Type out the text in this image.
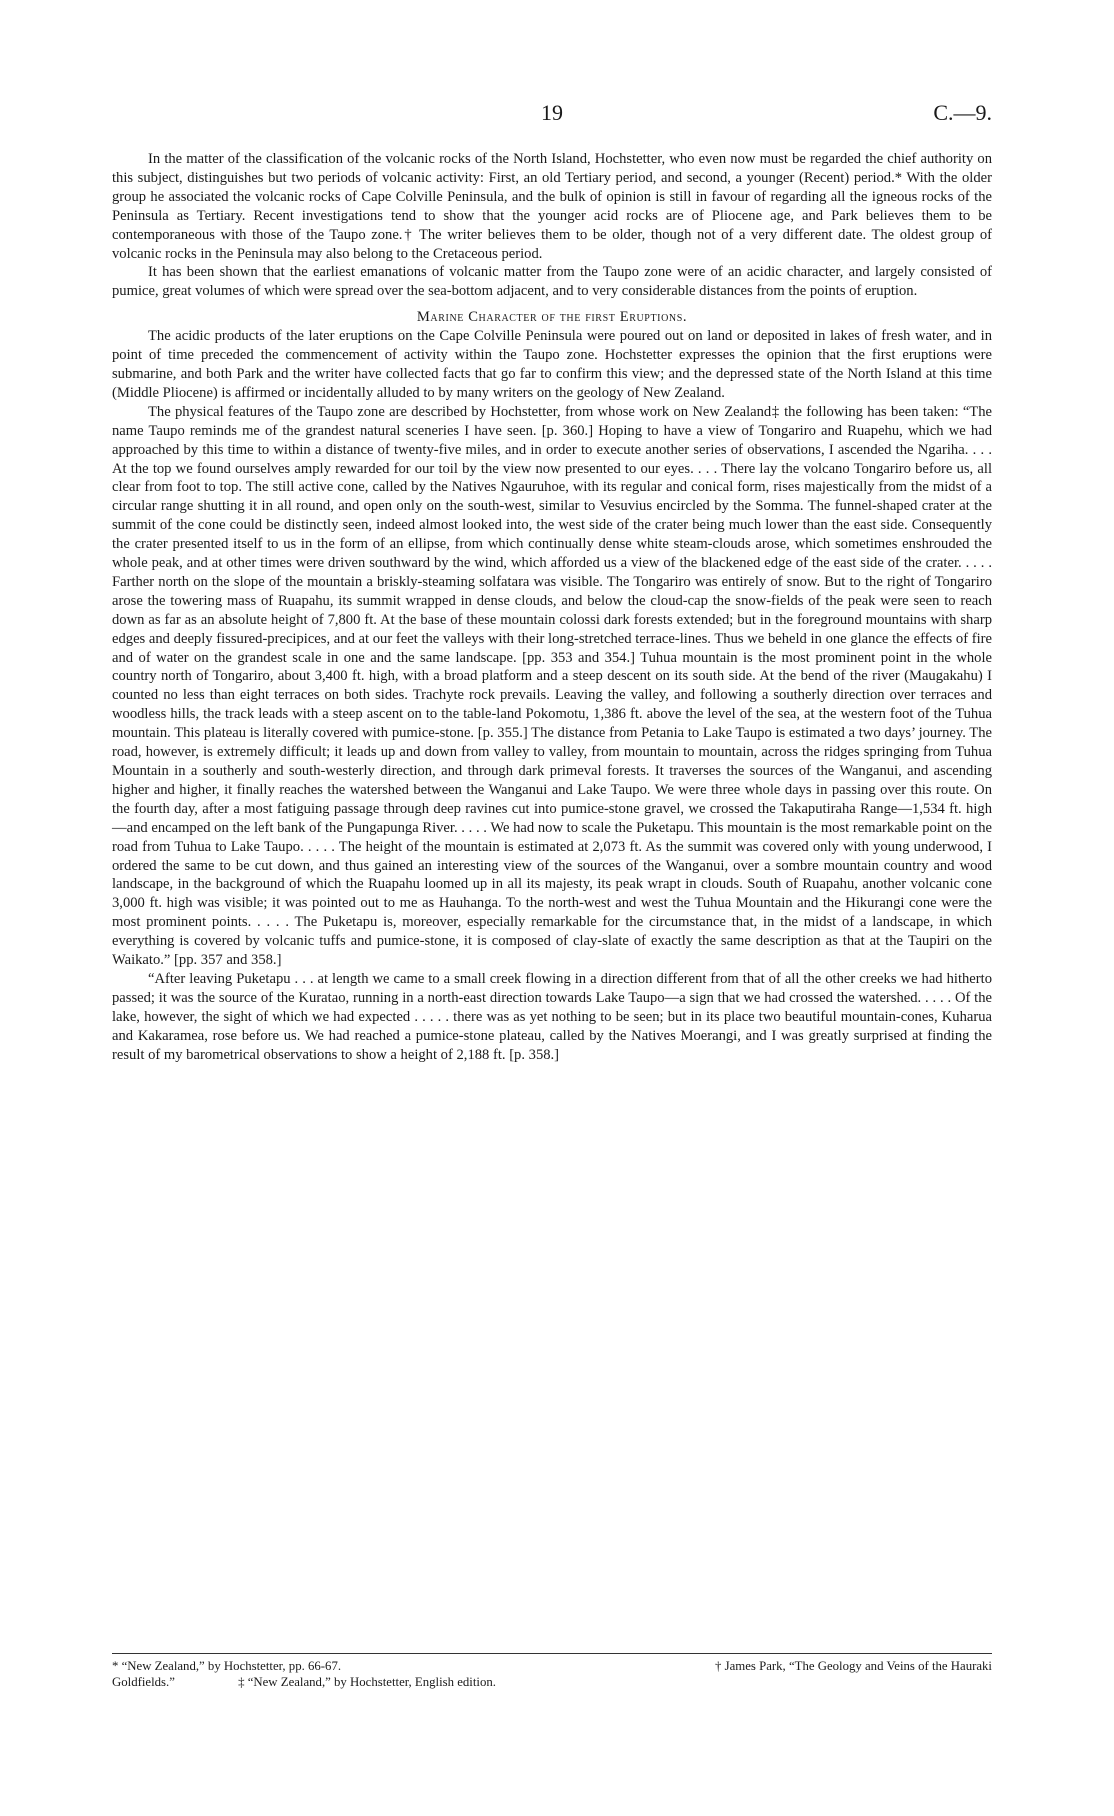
19	C.—9.

In the matter of the classification of the volcanic rocks of the North Island, Hochstetter, who even now must be regarded the chief authority on this subject, distinguishes but two periods of volcanic activity: First, an old Tertiary period, and second, a younger (Recent) period.* With the older group he associated the volcanic rocks of Cape Colville Peninsula, and the bulk of opinion is still in favour of regarding all the igneous rocks of the Peninsula as Tertiary. Recent investigations tend to show that the younger acid rocks are of Pliocene age, and Park believes them to be contemporaneous with those of the Taupo zone.† The writer believes them to be older, though not of a very different date. The oldest group of volcanic rocks in the Peninsula may also belong to the Cretaceous period.

It has been shown that the earliest emanations of volcanic matter from the Taupo zone were of an acidic character, and largely consisted of pumice, great volumes of which were spread over the sea-bottom adjacent, and to very considerable distances from the points of eruption.

Marine Character of the first Eruptions.

The acidic products of the later eruptions on the Cape Colville Peninsula were poured out on land or deposited in lakes of fresh water, and in point of time preceded the commencement of activity within the Taupo zone. Hochstetter expresses the opinion that the first eruptions were submarine, and both Park and the writer have collected facts that go far to confirm this view; and the depressed state of the North Island at this time (Middle Pliocene) is affirmed or incidentally alluded to by many writers on the geology of New Zealand.

The physical features of the Taupo zone are described by Hochstetter, from whose work on New Zealand‡ the following has been taken: “The name Taupo reminds me of the grandest natural sceneries I have seen. [p. 360.] Hoping to have a view of Tongariro and Ruapehu, which we had approached by this time to within a distance of twenty-five miles, and in order to execute another series of observations, I ascended the Ngariha. . . . At the top we found ourselves amply rewarded for our toil by the view now presented to our eyes. . . . There lay the volcano Tongariro before us, all clear from foot to top. The still active cone, called by the Natives Ngauruhoe, with its regular and conical form, rises majestically from the midst of a circular range shutting it in all round, and open only on the south-west, similar to Vesuvius encircled by the Somma. The funnel-shaped crater at the summit of the cone could be distinctly seen, indeed almost looked into, the west side of the crater being much lower than the east side. Consequently the crater presented itself to us in the form of an ellipse, from which continually dense white steam-clouds arose, which sometimes enshrouded the whole peak, and at other times were driven southward by the wind, which afforded us a view of the blackened edge of the east side of the crater. . . . . Farther north on the slope of the mountain a briskly-steaming solfatara was visible. The Tongariro was entirely of snow. But to the right of Tongariro arose the towering mass of Ruapahu, its summit wrapped in dense clouds, and below the cloud-cap the snow-fields of the peak were seen to reach down as far as an absolute height of 7,800 ft. At the base of these mountain colossi dark forests extended; but in the foreground mountains with sharp edges and deeply fissured-precipices, and at our feet the valleys with their long-stretched terrace-lines. Thus we beheld in one glance the effects of fire and of water on the grandest scale in one and the same landscape. [pp. 353 and 354.] Tuhua mountain is the most prominent point in the whole country north of Tongariro, about 3,400 ft. high, with a broad platform and a steep descent on its south side. At the bend of the river (Maugakahu) I counted no less than eight terraces on both sides. Trachyte rock prevails. Leaving the valley, and following a southerly direction over terraces and woodless hills, the track leads with a steep ascent on to the table-land Pokomotu, 1,386 ft. above the level of the sea, at the western foot of the Tuhua mountain. This plateau is literally covered with pumice-stone. [p. 355.] The distance from Petania to Lake Taupo is estimated a two days’ journey. The road, however, is extremely difficult; it leads up and down from valley to valley, from mountain to mountain, across the ridges springing from Tuhua Mountain in a southerly and south-westerly direction, and through dark primeval forests. It traverses the sources of the Wanganui, and ascending higher and higher, it finally reaches the watershed between the Wanganui and Lake Taupo. We were three whole days in passing over this route. On the fourth day, after a most fatiguing passage through deep ravines cut into pumice-stone gravel, we crossed the Takaputiraha Range—1,534 ft. high—and encamped on the left bank of the Pungapunga River. . . . . We had now to scale the Puketapu. This mountain is the most remarkable point on the road from Tuhua to Lake Taupo. . . . . The height of the mountain is estimated at 2,073 ft. As the summit was covered only with young underwood, I ordered the same to be cut down, and thus gained an interesting view of the sources of the Wanganui, over a sombre mountain country and wood landscape, in the background of which the Ruapahu loomed up in all its majesty, its peak wrapt in clouds. South of Ruapahu, another volcanic cone 3,000 ft. high was visible; it was pointed out to me as Hauhanga. To the north-west and west the Tuhua Mountain and the Hikurangi cone were the most prominent points. . . . . The Puketapu is, moreover, especially remarkable for the circumstance that, in the midst of a landscape, in which everything is covered by volcanic tuffs and pumice-stone, it is composed of clay-slate of exactly the same description as that at the Taupiri on the Waikato.” [pp. 357 and 358.]

“After leaving Puketapu . . . at length we came to a small creek flowing in a direction different from that of all the other creeks we had hitherto passed; it was the source of the Kuratao, running in a north-east direction towards Lake Taupo—a sign that we had crossed the watershed. . . . . Of the lake, however, the sight of which we had expected . . . . . there was as yet nothing to be seen; but in its place two beautiful mountain-cones, Kuharua and Kakaramea, rose before us. We had reached a pumice-stone plateau, called by the Natives Moerangi, and I was greatly surprised at finding the result of my barometrical observations to show a height of 2,188 ft. [p. 358.]

* “New Zealand,” by Hochstetter, pp. 66-67.	† James Park, “The Geology and Veins of the Hauraki
Goldfields.”	‡ “New Zealand,” by Hochstetter, English edition.
